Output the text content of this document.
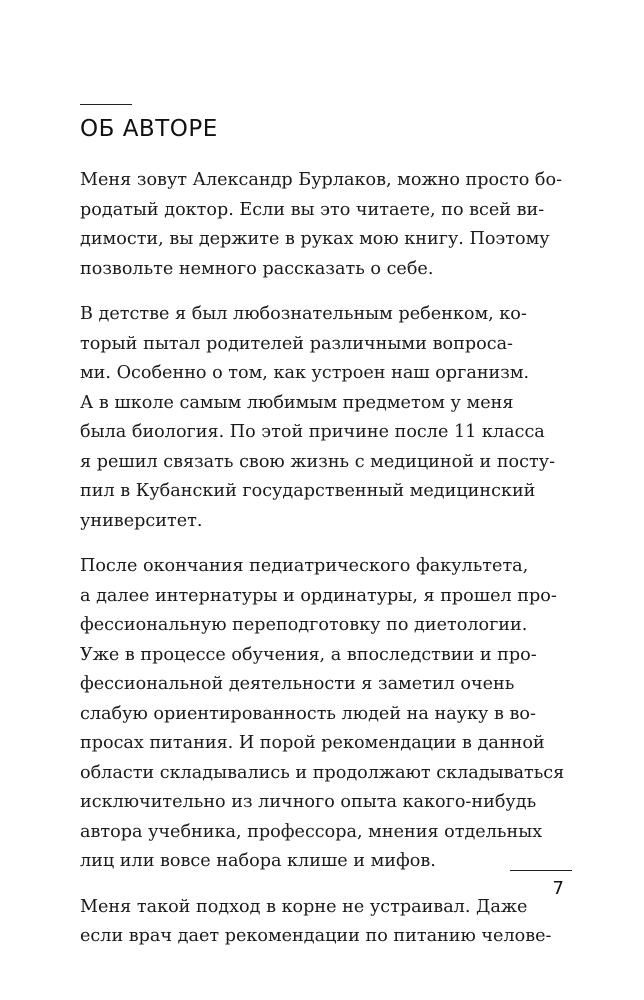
ОБ АВТОРЕ
Меня зовут Александр Бурлаков, можно просто бо-
родатый доктор. Если вы это читаете, по всей ви-
димости, вы держите в руках мою книгу. Поэтому
позвольте немного рассказать о себе.
В детстве я был любознательным ребенком, ко-
торый пытал родителей различными вопроса-
ми. Особенно о том, как устроен наш организм.
А в школе самым любимым предметом у меня
была биология. По этой причине после 11 класса
я решил связать свою жизнь с медициной и посту-
пил в Кубанский государственный медицинский
университет.
После окончания педиатрического факультета,
а далее интернатуры и ординатуры, я прошел про-
фессиональную переподготовку по диетологии.
Уже в процессе обучения, а впоследствии и про-
фессиональной деятельности я заметил очень
слабую ориентированность людей на науку в во-
просах питания. И порой рекомендации в данной
области складывались и продолжают складываться
исключительно из личного опыта какого-нибудь
автора учебника, профессора, мнения отдельных
лиц или вовсе набора клише и мифов.
Меня такой подход в корне не устраивал. Даже
если врач дает рекомендации по питанию челове-
7
